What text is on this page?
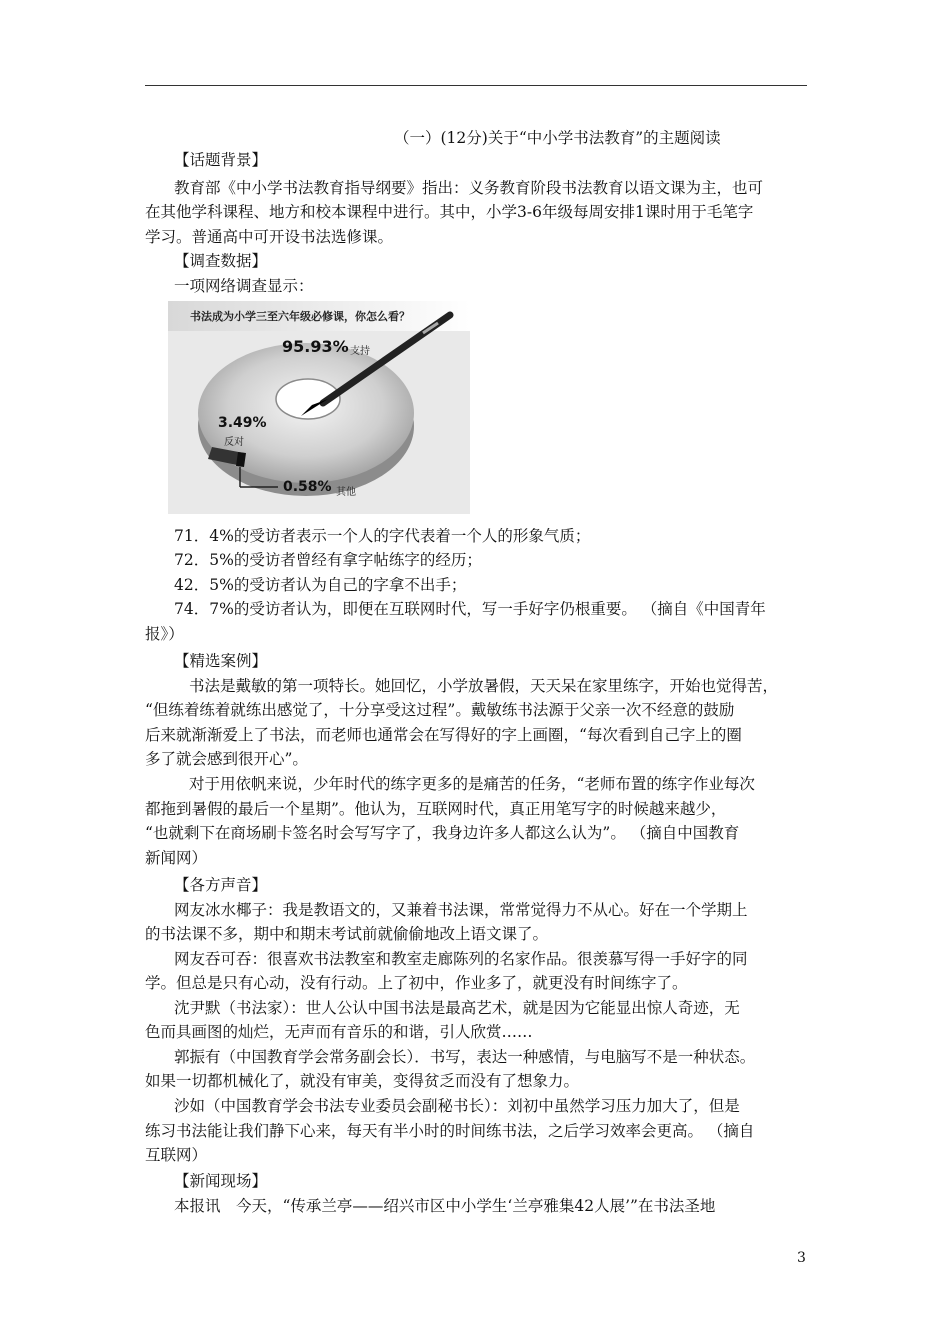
（一）(12分)关于“中小学书法教育”的主题阅读
【话题背景】
教育部《中小学书法教育指导纲要》指出：义务教育阶段书法教育以语文课为主，也可
在其他学科课程、地方和校本课程中进行。其中，小学3-6年级每周安排1课时用于毛笔字
学习。普通高中可开设书法选修课。
【调查数据】
一项网络调查显示：
书法成为小学三至六年级必修课，你怎么看？
95.93% 支持
3.49%
反对
0.58% 其他
71．4%的受访者表示一个人的字代表着一个人的形象气质；
72．5%的受访者曾经有拿字帖练字的经历；
42．5%的受访者认为自己的字拿不出手；
74．7%的受访者认为，即便在互联网时代，写一手好字仍根重要。 （摘自《中国青年
报》）
【精选案例】
书法是戴敏的第一项特长。她回忆，小学放暑假，天天呆在家里练字，开始也觉得苦，
“但练着练着就练出感觉了，十分享受这过程”。戴敏练书法源于父亲一次不经意的鼓励
后来就渐渐爱上了书法，而老师也通常会在写得好的字上画圈，“每次看到自己字上的圈
多了就会感到很开心”。
对于用依帆来说，少年时代的练字更多的是痛苦的任务，“老师布置的练字作业每次
都拖到暑假的最后一个星期”。他认为，互联网时代，真正用笔写字的时候越来越少，
“也就剩下在商场刷卡签名时会写写字了，我身边许多人都这么认为”。 （摘自中国教育
新闻网）
【各方声音】
网友冰水椰子：我是教语文的，又兼着书法课，常常觉得力不从心。好在一个学期上
的书法课不多，期中和期末考试前就偷偷地改上语文课了。
网友吞可吞：很喜欢书法教室和教室走廊陈列的名家作品。很羡慕写得一手好字的同
学。但总是只有心动，没有行动。上了初中，作业多了，就更没有时间练字了。
沈尹默（书法家）：世人公认中国书法是最高艺术，就是因为它能显出惊人奇迹，无
色而具画图的灿烂，无声而有音乐的和谐，引人欣赏……
郭振有（中国教育学会常务副会长）．书写，表达一种感情，与电脑写不是一种状态。
如果一切都机械化了，就没有审美，变得贫乏而没有了想象力。
沙如（中国教育学会书法专业委员会副秘书长）：刘初中虽然学习压力加大了，但是
练习书法能让我们静下心来，每天有半小时的时间练书法，之后学习效率会更高。 （摘自
互联网）
【新闻现场】
本报讯　今天，“传承兰亭——绍兴市区中小学生‘兰亭雅集42人展’”在书法圣地
3
